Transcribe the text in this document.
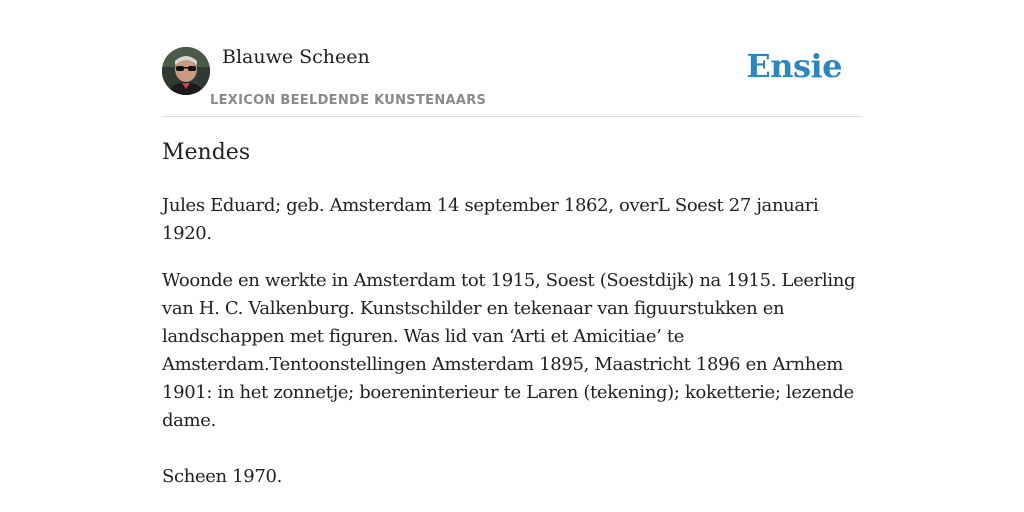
Blauwe Scheen
LEXICON BEELDENDE KUNSTENAARS
Ensie
Mendes

Jules Eduard; geb. Amsterdam 14 september 1862, overL Soest 27 januari 1920.

Woonde en werkte in Amsterdam tot 1915, Soest (Soestdijk) na 1915. Leerling van H. C. Valkenburg. Kunstschilder en tekenaar van figuurstukken en landschappen met figuren. Was lid van ‘Arti et Amicitiae’ te Amsterdam.Tentoonstellingen Amsterdam 1895, Maastricht 1896 en Arnhem 1901: in het zonnetje; boereninterieur te Laren (tekening); koketterie; lezende dame.

Scheen 1970.
